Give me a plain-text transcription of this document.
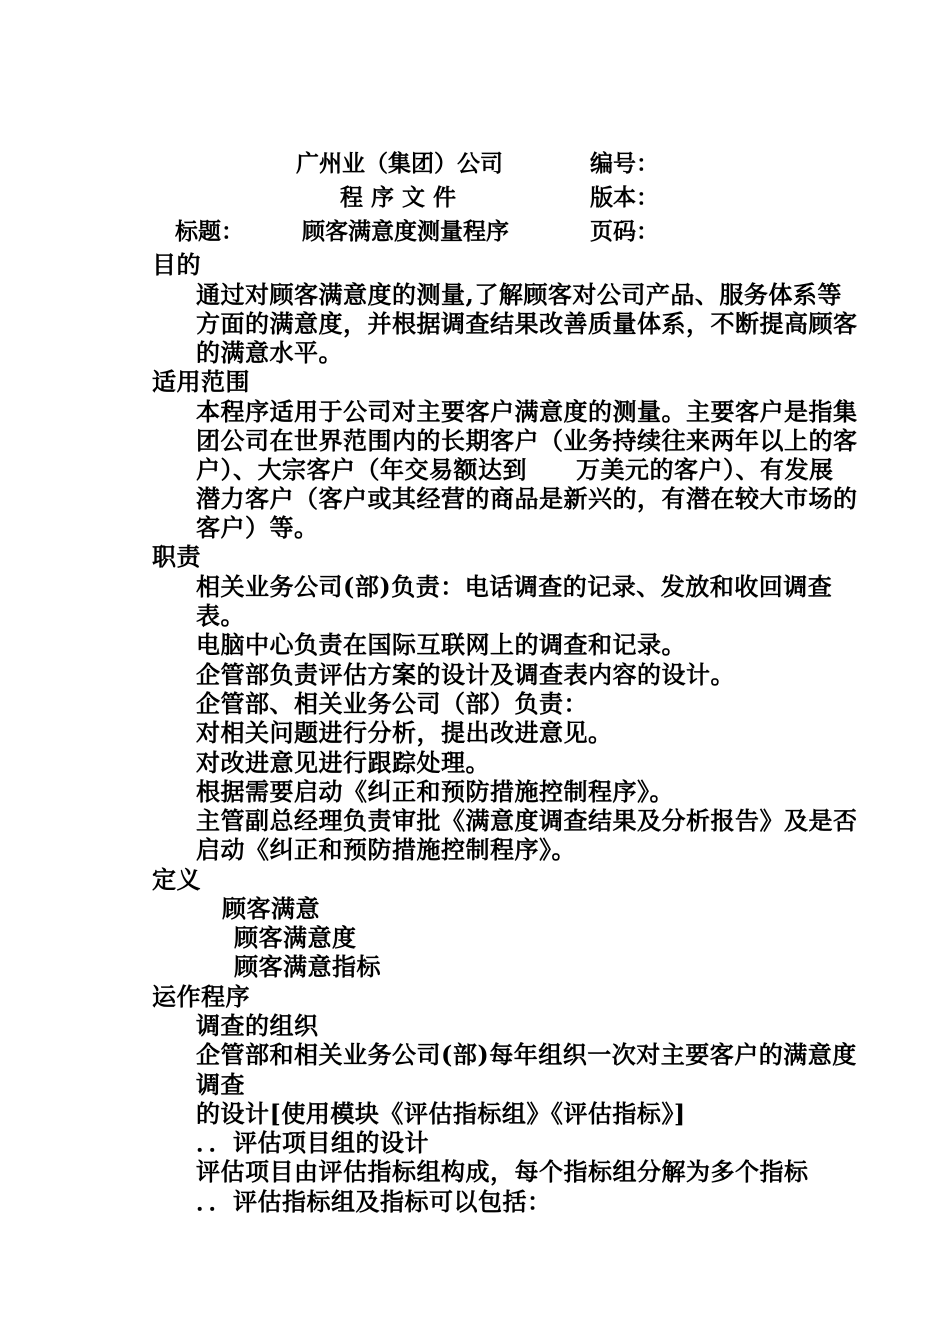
广州业（集团）公司	编号：
程 序 文 件	版本：
标题：	顾客满意度测量程序	页码：
目的
通过对顾客满意度的测量,了解顾客对公司产品、服务体系等
方面的满意度，并根据调查结果改善质量体系，不断提高顾客
的满意水平。
适用范围
本程序适用于公司对主要客户满意度的测量。主要客户是指集
团公司在世界范围内的长期客户（业务持续往来两年以上的客
户）、大宗客户（年交易额达到　　万美元的客户）、有发展
潜力客户（客户或其经营的商品是新兴的，有潜在较大市场的
客户）等。
职责
相关业务公司(部)负责：电话调查的记录、发放和收回调查
表。
电脑中心负责在国际互联网上的调查和记录。
企管部负责评估方案的设计及调查表内容的设计。
企管部、相关业务公司（部）负责：
对相关问题进行分析，提出改进意见。
对改进意见进行跟踪处理。
根据需要启动《纠正和预防措施控制程序》。
主管副总经理负责审批《满意度调查结果及分析报告》及是否
启动《纠正和预防措施控制程序》。
定义
顾客满意
顾客满意度
顾客满意指标
运作程序
调查的组织
企管部和相关业务公司(部)每年组织一次对主要客户的满意度
调查
的设计[使用模块《评估指标组》《评估指标》]
．．评估项目组的设计
评估项目由评估指标组构成，每个指标组分解为多个指标
．．评估指标组及指标可以包括：
